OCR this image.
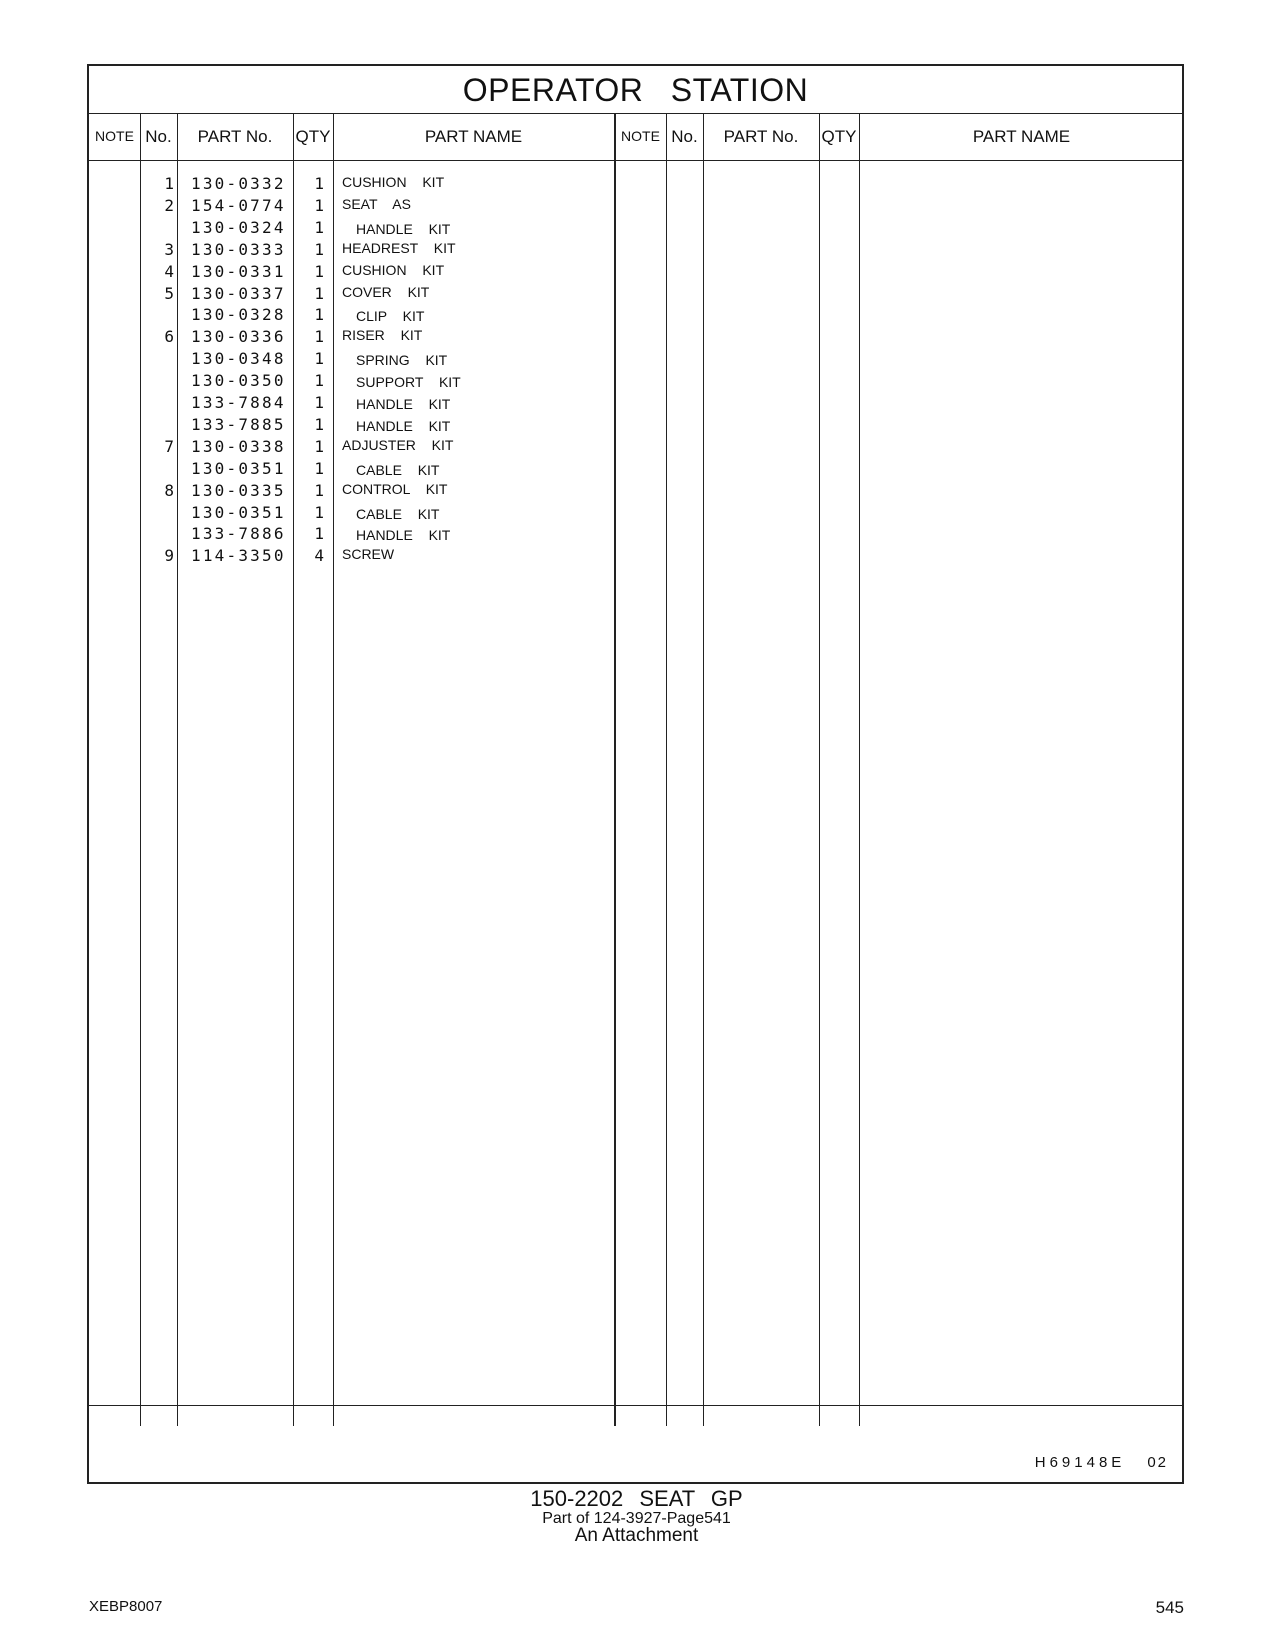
OPERATOR STATION
NOTE No.	PART No.	QTY	PART NAME	NOTE No.	PART No.	QTY	PART NAME
1 130-0332	1 CUSHION  KIT
2 154-0774	1 SEAT  AS
130-0324	1 HANDLE  KIT
3 130-0333	1 HEADREST  KIT
4 130-0331	1 CUSHION  KIT
5 130-0337	1 COVER  KIT
130-0328	1 CLIP  KIT
6 130-0336	1 RISER  KIT
130-0348	1 SPRING  KIT
130-0350	1 SUPPORT  KIT
133-7884	1 HANDLE  KIT
133-7885	1 HANDLE  KIT
7 130-0338	1 ADJUSTER  KIT
130-0351	1 CABLE  KIT
8 130-0335	1 CONTROL  KIT
130-0351	1 CABLE  KIT
133-7886	1 HANDLE  KIT
9 114-3350	4 SCREW
H69148E 02
150-2202 SEAT GP
Part of 124-3927-Page541
An Attachment
XEBP8007	545
